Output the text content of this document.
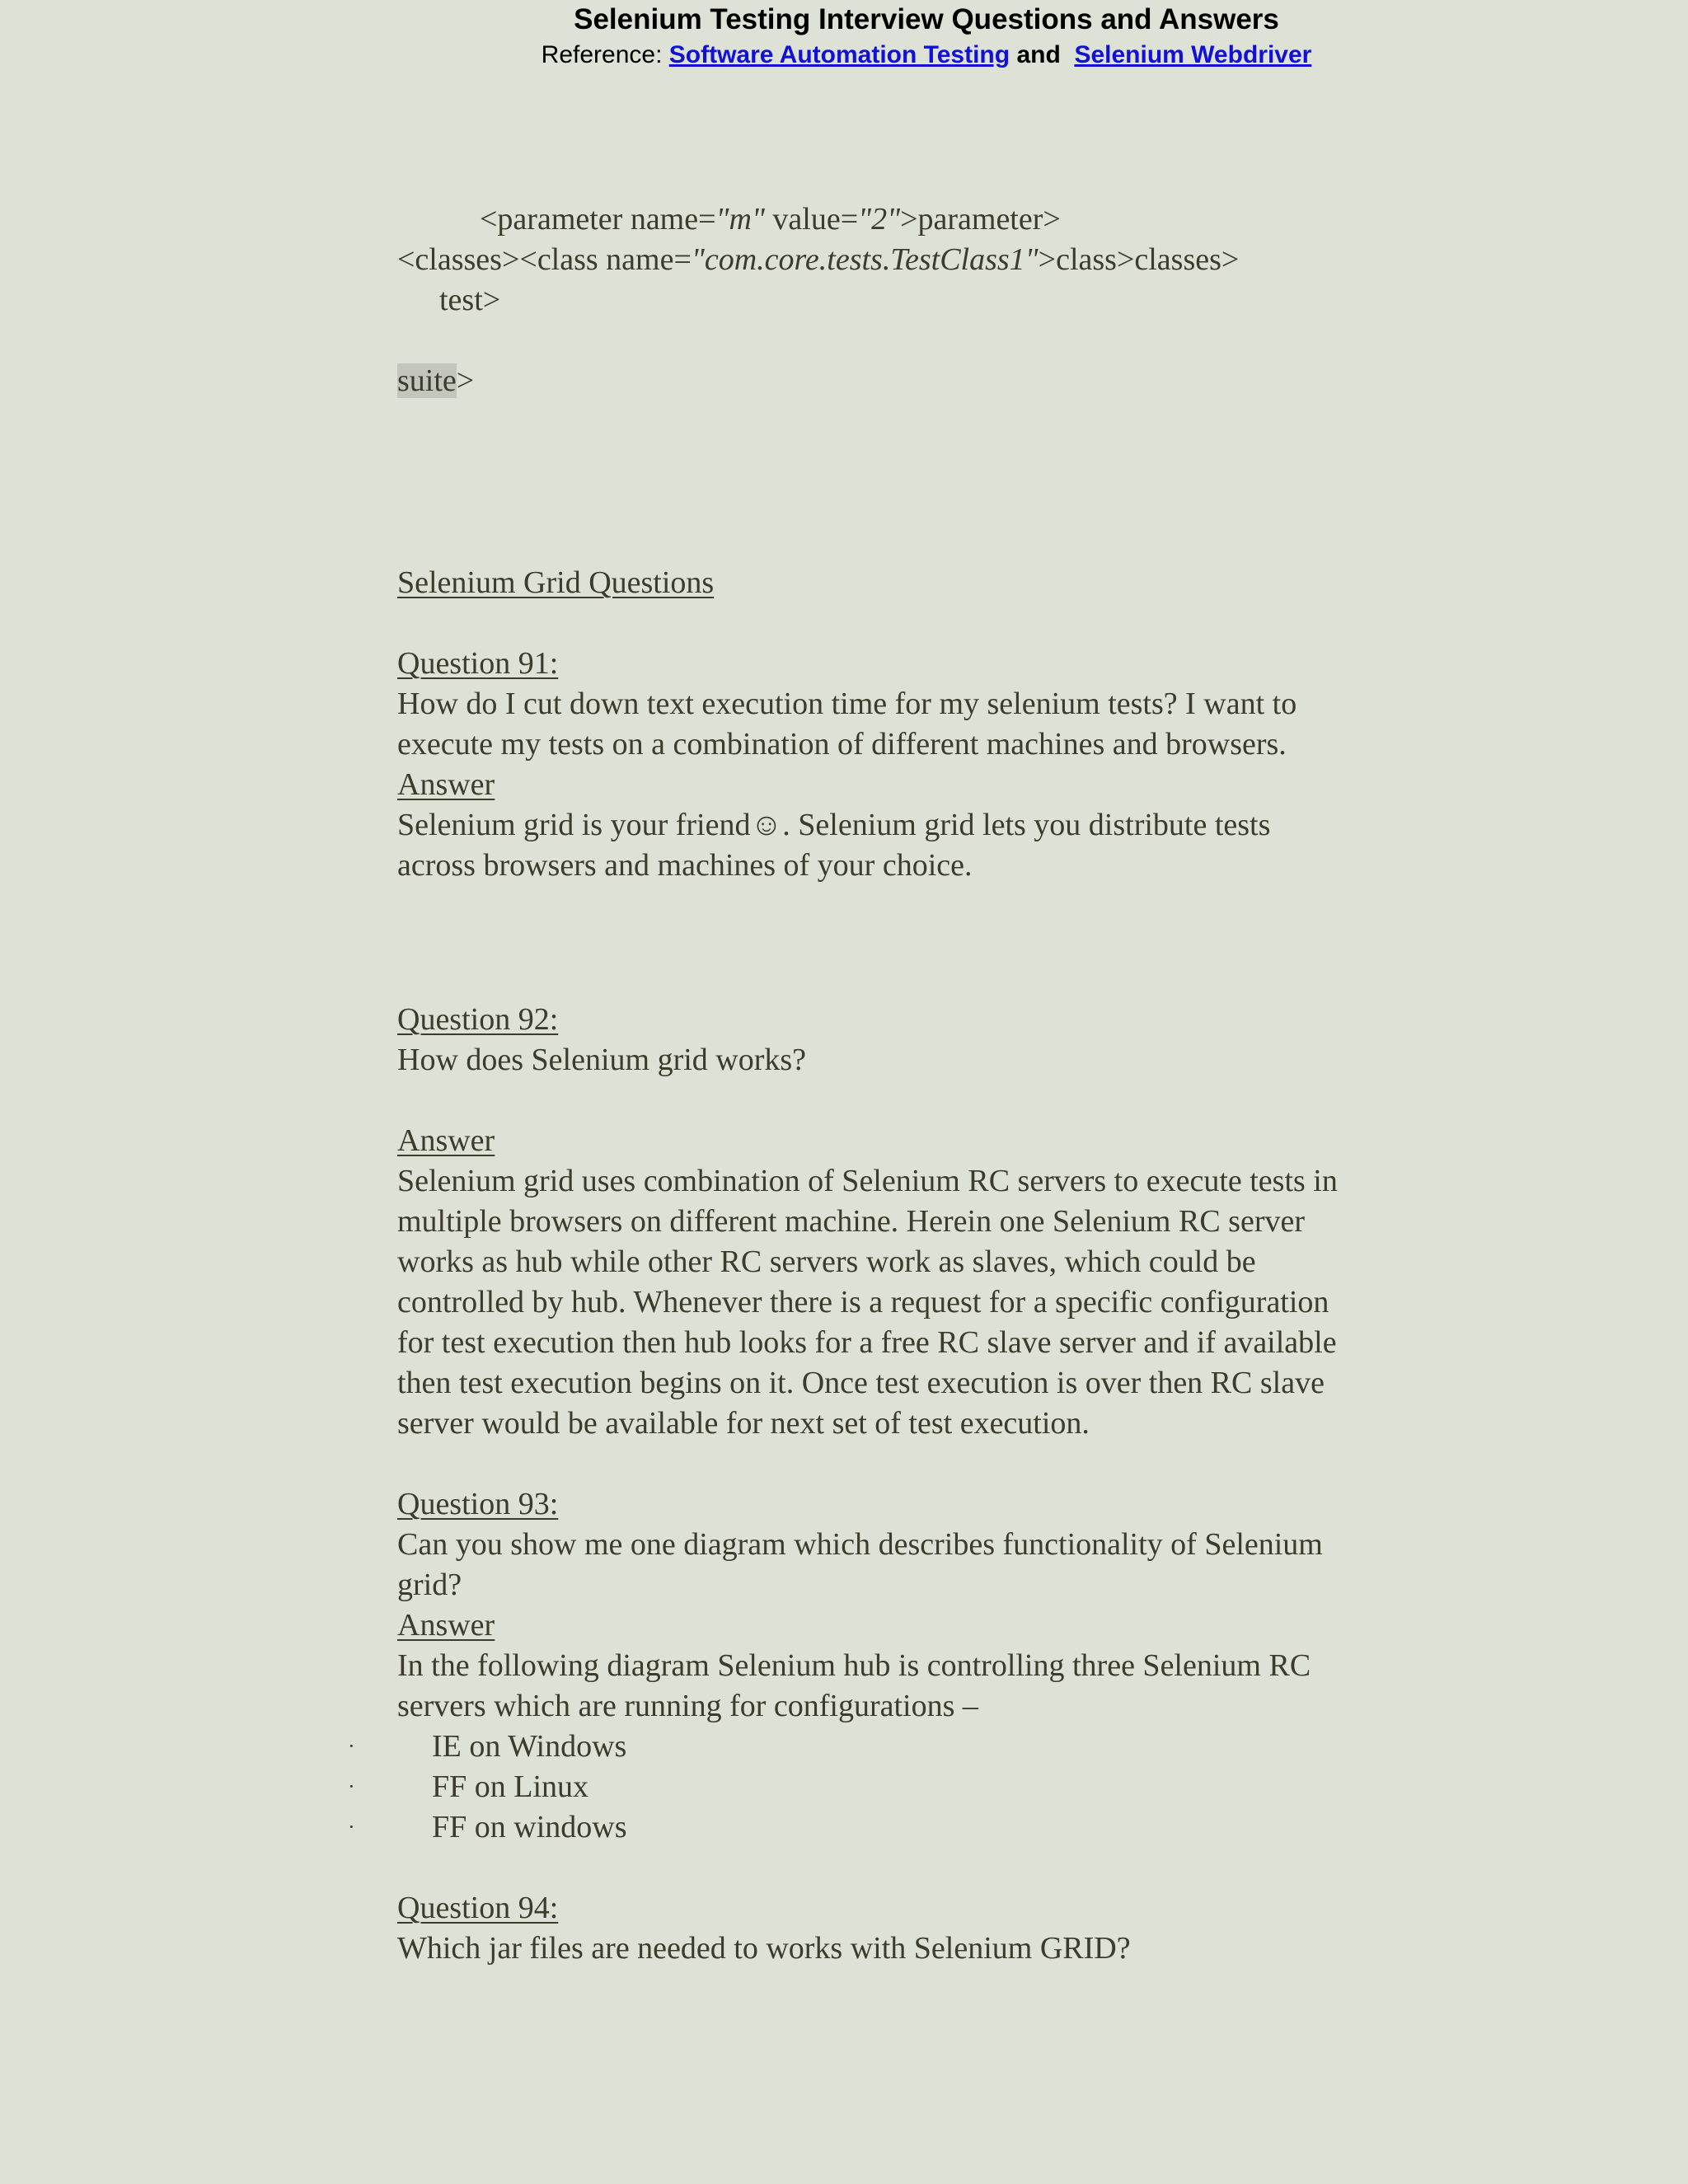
Selenium Testing Interview Questions and Answers
Reference: Software Automation Testing and Selenium Webdriver
<parameter name="m" value="2">parameter>
<classes><class name="com.core.tests.TestClass1">class>classes>
test>
suite>
Selenium Grid Questions
Question 91:
How do I cut down text execution time for my selenium tests? I want to
execute my tests on a combination of different machines and browsers.
Answer
Selenium grid is your friend☺. Selenium grid lets you distribute tests
across browsers and machines of your choice.
Question 92:
How does Selenium grid works?
Answer
Selenium grid uses combination of Selenium RC servers to execute tests in
multiple browsers on different machine. Herein one Selenium RC server
works as hub while other RC servers work as slaves, which could be
controlled by hub. Whenever there is a request for a specific configuration
for test execution then hub looks for a free RC slave server and if available
then test execution begins on it. Once test execution is over then RC slave
server would be available for next set of test execution.
Question 93:
Can you show me one diagram which describes functionality of Selenium
grid?
Answer
In the following diagram Selenium hub is controlling three Selenium RC
servers which are running for configurations –
· IE on Windows
· FF on Linux
· FF on windows
Question 94:
Which jar files are needed to works with Selenium GRID?
